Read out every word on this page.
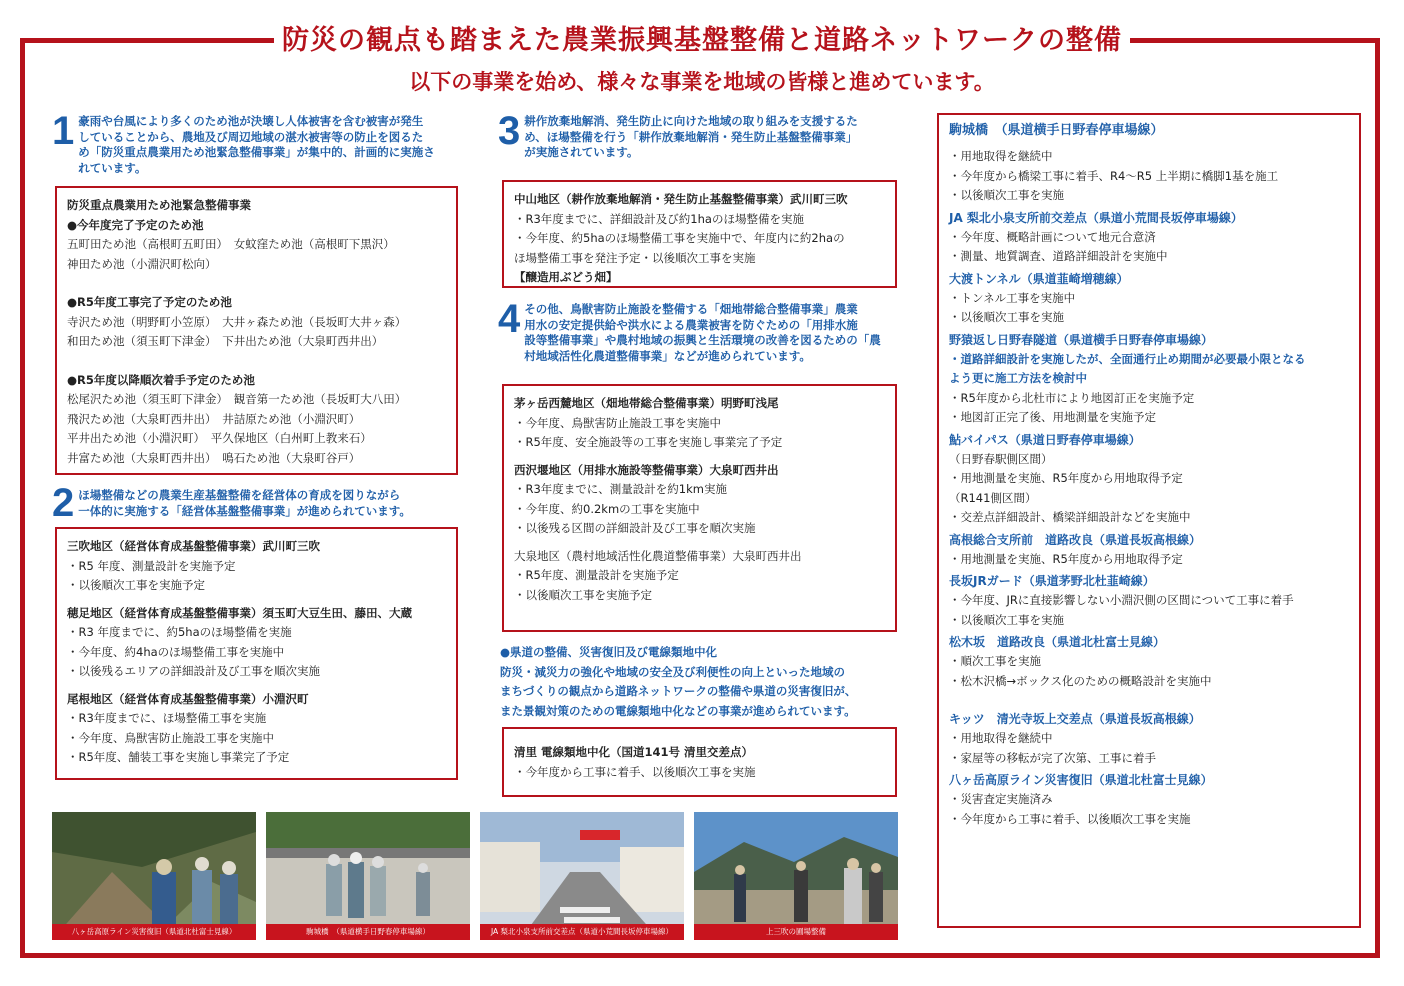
防災の観点も踏まえた農業振興基盤整備と道路ネットワークの整備
以下の事業を始め、様々な事業を地域の皆様と進めています。
1 豪雨や台風により多くのため池が決壊し人体被害を含む被害が発生
していることから、農地及び周辺地域の湛水被害等の防止を図るた
め「防災重点農業用ため池緊急整備事業」が集中的、計画的に実施さ
れています。

防災重点農業用ため池緊急整備事業

●今年度完了予定のため池

五町田ため池（高根町五町田）　女蚊窪ため池（高根町下黒沢）

神田ため池（小淵沢町松向）

●R5年度工事完了予定のため池

寺沢ため池（明野町小笠原）　大井ヶ森ため池（長坂町大井ヶ森）

和田ため池（須玉町下津金）　下井出ため池（大泉町西井出）

●R5年度以降順次着手予定のため池

松尾沢ため池（須玉町下津金）　観音第一ため池（長坂町大八田）

飛沢ため池（大泉町西井出）　井詰原ため池（小淵沢町）

平井出ため池（小淵沢町）　平久保地区（白州町上教来石）

井富ため池（大泉町西井出）　鳴石ため池（大泉町谷戸）

2 ほ場整備などの農業生産基盤整備を経営体の育成を図りながら
一体的に実施する「経営体基盤整備事業」が進められています。

三吹地区（経営体育成基盤整備事業）武川町三吹

・R5 年度、測量設計を実施予定

・以後順次工事を実施予定

穂足地区（経営体育成基盤整備事業）須玉町大豆生田、藤田、大蔵

・R3 年度までに、約5haのほ場整備を実施

・今年度、約4haのほ場整備工事を実施中

・以後残るエリアの詳細設計及び工事を順次実施

尾根地区（経営体育成基盤整備事業）小淵沢町

・R3年度までに、ほ場整備工事を実施

・今年度、鳥獣害防止施設工事を実施中

・R5年度、舗装工事を実施し事業完了予定

3 耕作放棄地解消、発生防止に向けた地域の取り組みを支援するた
め、ほ場整備を行う「耕作放棄地解消・発生防止基盤整備事業」
が実施されています。

中山地区（耕作放棄地解消・発生防止基盤整備事業）武川町三吹

・R3年度までに、詳細設計及び約1haのほ場整備を実施

・今年度、約5haのほ場整備工事を実施中で、年度内に約2haの

ほ場整備工事を発注予定・以後順次工事を実施

【醸造用ぶどう畑】

4 その他、鳥獣害防止施設を整備する「畑地帯総合整備事業」農業
用水の安定提供給や洪水による農業被害を防ぐための「用排水施
設等整備事業」や農村地域の振興と生活環境の改善を図るための「農
村地域活性化農道整備事業」などが進められています。

茅ヶ岳西麓地区（畑地帯総合整備事業）明野町浅尾

・今年度、鳥獣害防止施設工事を実施中

・R5年度、安全施設等の工事を実施し事業完了予定

西沢堰地区（用排水施設等整備事業）大泉町西井出

・R3年度までに、測量設計を約1km実施

・今年度、約0.2kmの工事を実施中

・以後残る区間の詳細設計及び工事を順次実施

大泉地区（農村地域活性化農道整備事業）大泉町西井出

・R5年度、測量設計を実施予定

・以後順次工事を実施予定

●県道の整備、災害復旧及び電線類地中化
防災・減災力の強化や地域の安全及び利便性の向上といった地域の
まちづくりの観点から道路ネットワークの整備や県道の災害復旧が、
また景観対策のための電線類地中化などの事業が進められています。

清里 電線類地中化（国道141号 清里交差点）

・今年度から工事に着手、以後順次工事を実施

八ヶ岳高原ライン災害復旧（県道北杜富士見線）	駒城橋　（県道横手日野春停車場線）	JA 梨北小泉支所前交差点（県道小荒間長坂停車場線）	上三吹の圃場整備
駒城橋　（県道横手日野春停車場線）
・用地取得を継続中
・今年度から橋梁工事に着手、R4～R5 上半期に橋脚1基を施工
・以後順次工事を実施
JA 梨北小泉支所前交差点（県道小荒間長坂停車場線）
・今年度、概略計画について地元合意済
・測量、地質調査、道路詳細設計を実施中
大渡トンネル（県道韮崎増穂線）
・トンネル工事を実施中
・以後順次工事を実施
野猿返し日野春隧道（県道横手日野春停車場線）
・道路詳細設計を実施したが、全面通行止め期間が必要最小限となる
よう更に施工方法を検討中
・R5年度から北杜市により地図訂正を実施予定
・地図訂正完了後、用地測量を実施予定
鮎バイパス（県道日野春停車場線）
（日野春駅側区間）
・用地測量を実施、R5年度から用地取得予定
（R141側区間）
・交差点詳細設計、橋梁詳細設計などを実施中
高根総合支所前　道路改良（県道長坂高根線）
・用地測量を実施、R5年度から用地取得予定
長坂JRガード（県道茅野北杜韮崎線）
・今年度、JRに直接影響しない小淵沢側の区間について工事に着手
・以後順次工事を実施
松木坂　道路改良（県道北杜富士見線）
・順次工事を実施
・松木沢橋→ボックス化のための概略設計を実施中
キッツ　清光寺坂上交差点（県道長坂高根線）
・用地取得を継続中
・家屋等の移転が完了次第、工事に着手
八ヶ岳高原ライン災害復旧（県道北杜富士見線）
・災害査定実施済み
・今年度から工事に着手、以後順次工事を実施
